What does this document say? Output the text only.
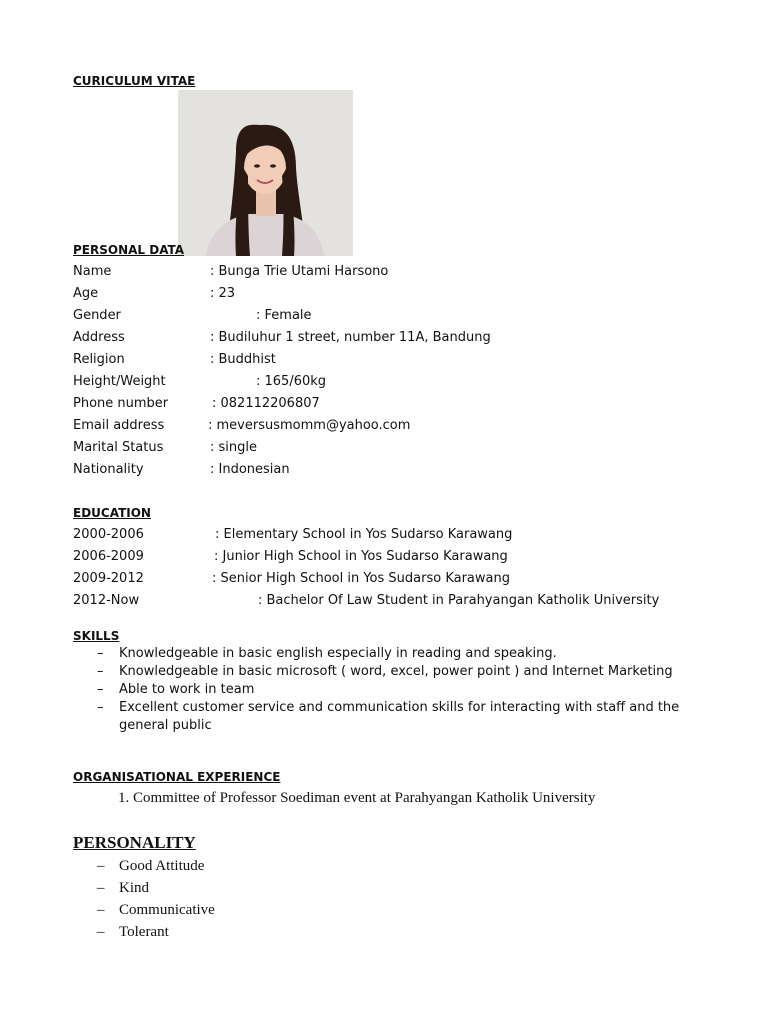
CURICULUM VITAE
PERSONAL DATA
Name	: Bunga Trie Utami Harsono
Age	: 23
Gender	: Female
Address	: Budiluhur 1 street, number 11A, Bandung
Religion	: Buddhist
Height/Weight	: 165/60kg
Phone number	: 082112206807
Email address	: meversusmomm@yahoo.com
Marital Status	: single
Nationality	: Indonesian
EDUCATION
2000-2006	: Elementary School in Yos Sudarso Karawang
2006-2009	: Junior High School in Yos Sudarso Karawang
2009-2012	: Senior High School in Yos Sudarso Karawang
2012-Now	: Bachelor Of Law Student in Parahyangan Katholik University
SKILLS
– Knowledgeable in basic english especially in reading and speaking.
– Knowledgeable in basic microsoft ( word, excel, power point ) and Internet Marketing
– Able to work in team
– Excellent customer service and communication skills for interacting with staff and the
general public
ORGANISATIONAL EXPERIENCE
1. Committee of Professor Soediman event at Parahyangan Katholik University
PERSONALITY
– Good Attitude
– Kind
– Communicative
– Tolerant
